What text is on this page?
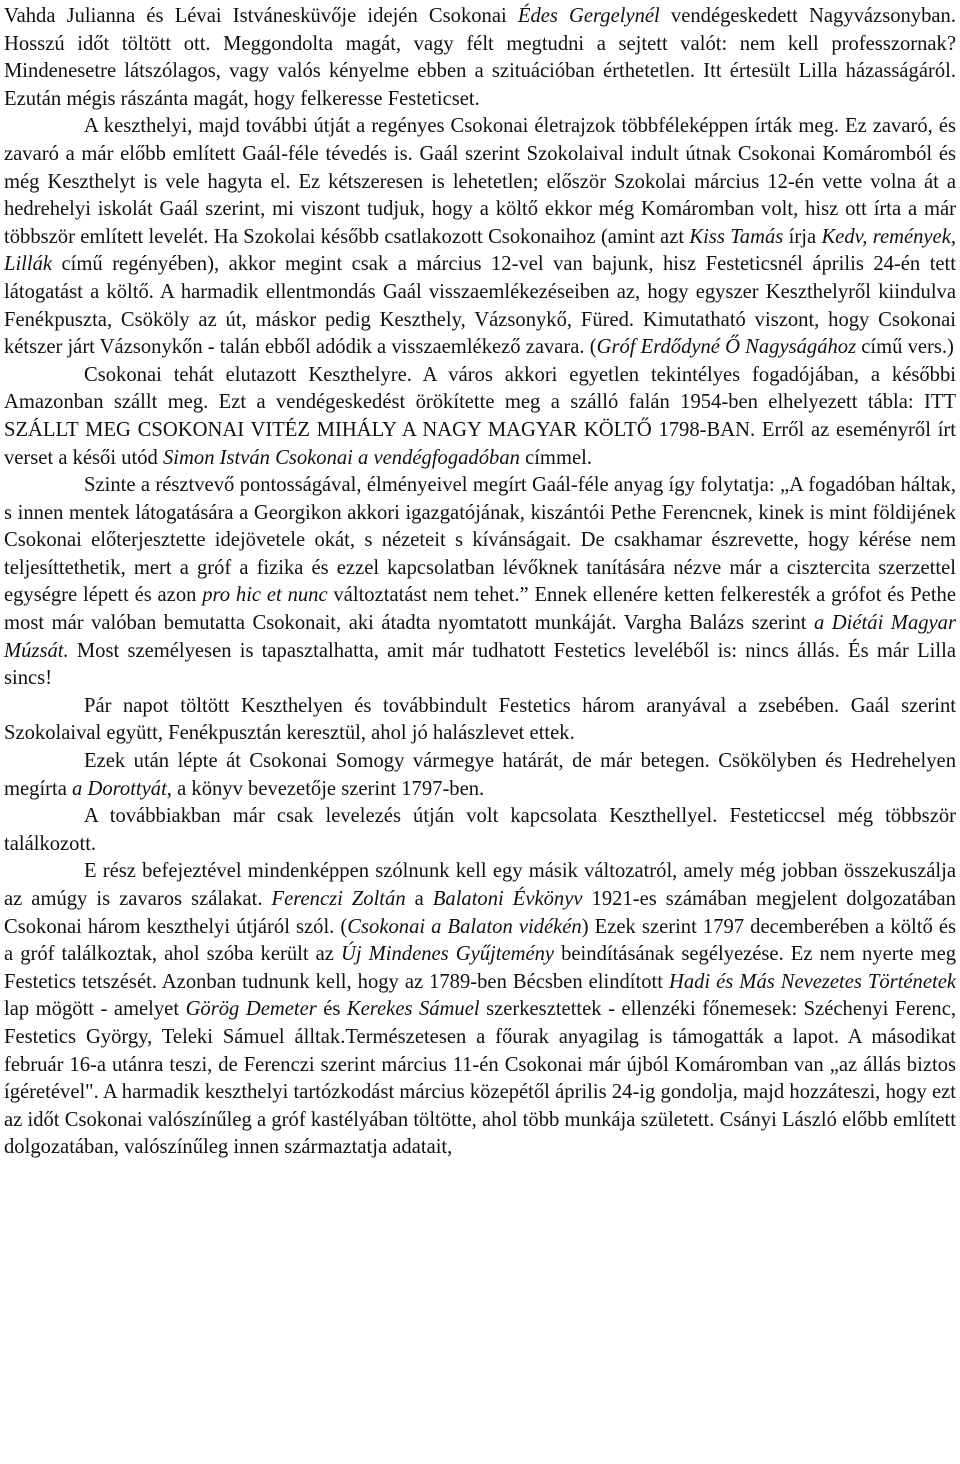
Vahda Julianna és Lévai Istvánesküvője idején Csokonai Édes Gergelynél vendégeskedett Nagyvázsonyban. Hosszú időt töltött ott. Meggondolta magát, vagy félt megtudni a sejtett valót: nem kell professzornak? Mindenesetre látszólagos, vagy valós kényelme ebben a szituációban érthetetlen. Itt értesült Lilla házasságáról. Ezután mégis rászánta magát, hogy felkeresse Festeticset.

A keszthelyi, majd további útját a regényes Csokonai életrajzok többféleképpen írták meg. Ez zavaró, és zavaró a már előbb említett Gaál-féle tévedés is. Gaál szerint Szokolaival indult útnak Csokonai Komáromból és még Keszthelyt is vele hagyta el. Ez kétszeresen is lehetetlen; először Szokolai március 12-én vette volna át a hedrehelyi iskolát Gaál szerint, mi viszont tudjuk, hogy a költő ekkor még Komáromban volt, hisz ott írta a már többször említett levelét. Ha Szokolai később csatlakozott Csokonaihoz (amint azt Kiss Tamás írja Kedv, remények, Lillák című regényében), akkor megint csak a március 12-vel van bajunk, hisz Festeticsnél április 24-én tett látogatást a költő. A harmadik ellentmondás Gaál visszaemlékezéseiben az, hogy egyszer Keszthelyről kiindulva Fenékpuszta, Csököly az út, máskor pedig Keszthely, Vázsonykő, Füred. Kimutatható viszont, hogy Csokonai kétszer járt Vázsonykőn - talán ebből adódik a visszaemlékező zavara. (Gróf Erdődyné Ő Nagyságához című vers.)

Csokonai tehát elutazott Keszthelyre. A város akkori egyetlen tekintélyes fogadójában, a későbbi Amazonban szállt meg. Ezt a vendégeskedést örökítette meg a szálló falán 1954-ben elhelyezett tábla: ITT SZÁLLT MEG CSOKONAI VITÉZ MIHÁLY A NAGY MAGYAR KÖLTŐ 1798-BAN. Erről az eseményről írt verset a késői utód Simon István Csokonai a vendégfogadóban címmel.

Szinte a résztvevő pontosságával, élményeivel megírt Gaál-féle anyag így folytatja: „A fogadóban háltak, s innen mentek látogatására a Georgikon akkori igazgatójának, kiszántói Pethe Ferencnek, kinek is mint földijének Csokonai előterjesztette idejövetele okát, s nézeteit s kívánságait. De csakhamar észrevette, hogy kérése nem teljesíttethetik, mert a gróf a fizika és ezzel kapcsolatban lévőknek tanítására nézve már a cisztercita szerzettel egységre lépett és azon pro hic et nunc változtatást nem tehet.” Ennek ellenére ketten felkeresték a grófot és Pethe most már valóban bemutatta Csokonait, aki átadta nyomtatott munkáját. Vargha Balázs szerint a Diétái Magyar Múzsát. Most személyesen is tapasztalhatta, amit már tudhatott Festetics leveléből is: nincs állás. És már Lilla sincs!

Pár napot töltött Keszthelyen és továbbindult Festetics három aranyával a zsebében. Gaál szerint Szokolaival együtt, Fenékpusztán keresztül, ahol jó halászlevet ettek.

Ezek után lépte át Csokonai Somogy vármegye határát, de már betegen. Csökölyben és Hedrehelyen megírta a Dorottyát, a könyv bevezetője szerint 1797-ben.

A továbbiakban már csak levelezés útján volt kapcsolata Keszthellyel. Festeticcsel még többször találkozott.

E rész befejeztével mindenképpen szólnunk kell egy másik változatról, amely még jobban összekuszálja az amúgy is zavaros szálakat. Ferenczi Zoltán a Balatoni Évkönyv 1921-es számában megjelent dolgozatában Csokonai három keszthelyi útjáról szól. (Csokonai a Balaton vidékén) Ezek szerint 1797 decemberében a költő és a gróf találkoztak, ahol szóba került az Új Mindenes Gyűjtemény beindításának segélyezése. Ez nem nyerte meg Festetics tetszését. Azonban tudnunk kell, hogy az 1789-ben Bécsben elindított Hadi és Más Nevezetes Történetek lap mögött - amelyet Görög Demeter és Kerekes Sámuel szerkesztettek - ellenzéki főnemesek: Széchenyi Ferenc, Festetics György, Teleki Sámuel álltak.Természetesen a főurak anyagilag is támogatták a lapot. A másodikat február 16-a utánra teszi, de Ferenczi szerint március 11-én Csokonai már újból Komáromban van „az állás biztos ígéretével". A harmadik keszthelyi tartózkodást március közepétől április 24-ig gondolja, majd hozzáteszi, hogy ezt az időt Csokonai valószínűleg a gróf kastélyában töltötte, ahol több munkája született. Csányi László előbb említett dolgozatában, valószínűleg innen származtatja adatait,
